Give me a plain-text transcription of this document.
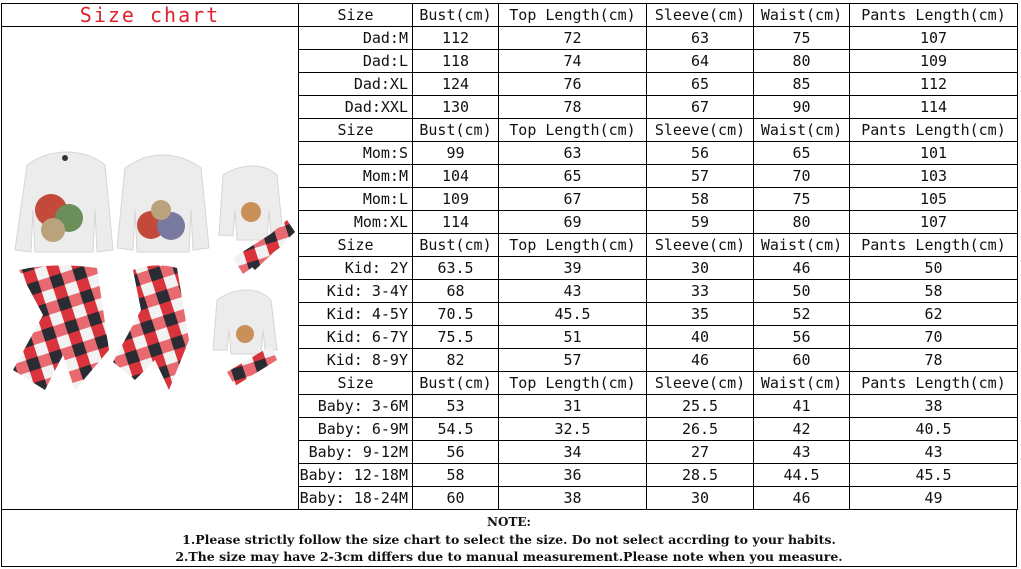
Size chart	Size	Bust(cm)	Top Length(cm)	Sleeve(cm)	Waist(cm)	Pants Length(cm)
	Dad:M	112	72	63	75	107
	Dad:L	118	74	64	80	109
	Dad:XL	124	76	65	85	112
	Dad:XXL	130	78	67	90	114
	Size	Bust(cm)	Top Length(cm)	Sleeve(cm)	Waist(cm)	Pants Length(cm)
	Mom:S	99	63	56	65	101
	Mom:M	104	65	57	70	103
	Mom:L	109	67	58	75	105
	Mom:XL	114	69	59	80	107
	Size	Bust(cm)	Top Length(cm)	Sleeve(cm)	Waist(cm)	Pants Length(cm)
	Kid: 2Y	63.5	39	30	46	50
	Kid: 3-4Y	68	43	33	50	58
	Kid: 4-5Y	70.5	45.5	35	52	62
	Kid: 6-7Y	75.5	51	40	56	70
	Kid: 8-9Y	82	57	46	60	78
	Size	Bust(cm)	Top Length(cm)	Sleeve(cm)	Waist(cm)	Pants Length(cm)
	Baby: 3-6M	53	31	25.5	41	38
	Baby: 6-9M	54.5	32.5	26.5	42	40.5
	Baby: 9-12M	56	34	27	43	43
	Baby: 12-18M	58	36	28.5	44.5	45.5
	Baby: 18-24M	60	38	30	46	49
NOTE:
1.Please strictly follow the size chart to select the size. Do not select accrding to your habits.
2.The size may have 2-3cm differs due to manual measurement.Please note when you measure.
